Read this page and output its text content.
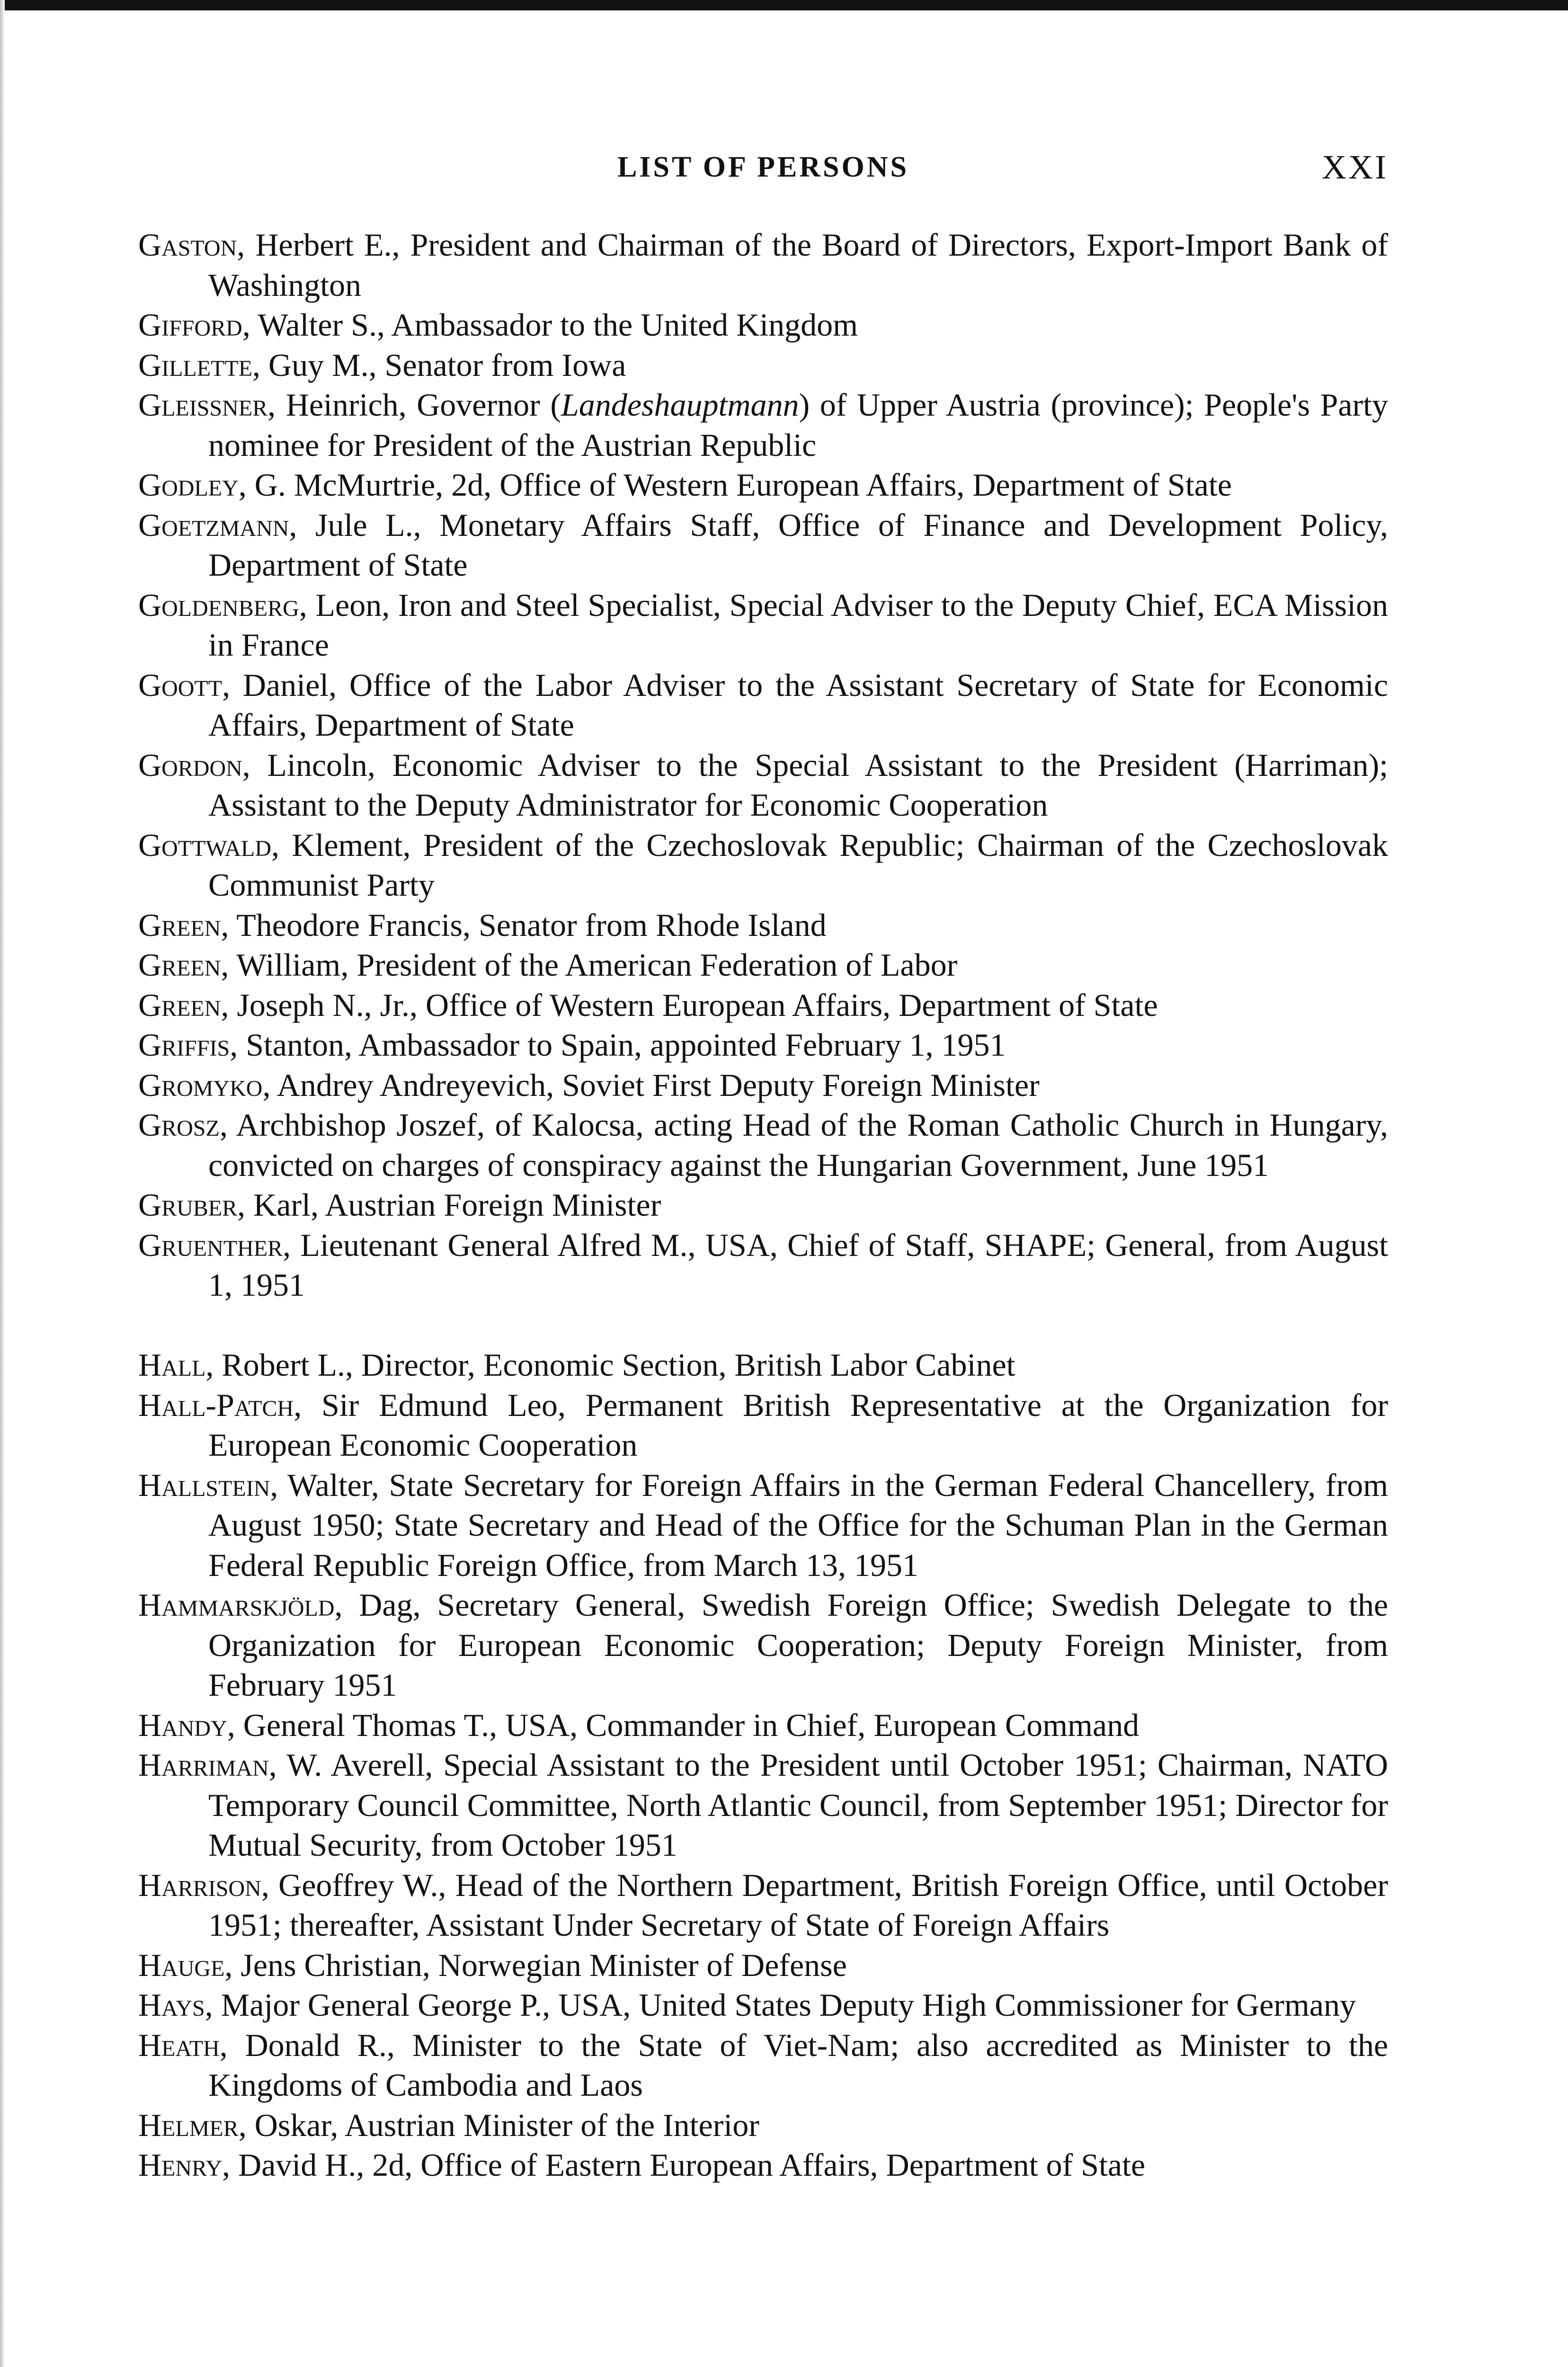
LIST OF PERSONS	XXI

Gaston, Herbert E., President and Chairman of the Board of Directors, Export-Import Bank of Washington

Gifford, Walter S., Ambassador to the United Kingdom

Gillette, Guy M., Senator from Iowa

Gleissner, Heinrich, Governor (Landeshauptmann) of Upper Austria (province); People's Party nominee for President of the Austrian Republic

Godley, G. McMurtrie, 2d, Office of Western European Affairs, Department of State

Goetzmann, Jule L., Monetary Affairs Staff, Office of Finance and Development Policy, Department of State

Goldenberg, Leon, Iron and Steel Specialist, Special Adviser to the Deputy Chief, ECA Mission in France

Goott, Daniel, Office of the Labor Adviser to the Assistant Secretary of State for Economic Affairs, Department of State

Gordon, Lincoln, Economic Adviser to the Special Assistant to the President (Harriman); Assistant to the Deputy Administrator for Economic Cooperation

Gottwald, Klement, President of the Czechoslovak Republic; Chairman of the Czechoslovak Communist Party

Green, Theodore Francis, Senator from Rhode Island

Green, William, President of the American Federation of Labor

Green, Joseph N., Jr., Office of Western European Affairs, Department of State

Griffis, Stanton, Ambassador to Spain, appointed February 1, 1951

Gromyko, Andrey Andreyevich, Soviet First Deputy Foreign Minister

Grosz, Archbishop Joszef, of Kalocsa, acting Head of the Roman Catholic Church in Hungary, convicted on charges of conspiracy against the Hungarian Government, June 1951

Gruber, Karl, Austrian Foreign Minister

Gruenther, Lieutenant General Alfred M., USA, Chief of Staff, SHAPE; General, from August 1, 1951

Hall, Robert L., Director, Economic Section, British Labor Cabinet

Hall-Patch, Sir Edmund Leo, Permanent British Representative at the Organization for European Economic Cooperation

Hallstein, Walter, State Secretary for Foreign Affairs in the German Federal Chancellery, from August 1950; State Secretary and Head of the Office for the Schuman Plan in the German Federal Republic Foreign Office, from March 13, 1951

Hammarskjöld, Dag, Secretary General, Swedish Foreign Office; Swedish Delegate to the Organization for European Economic Cooperation; Deputy Foreign Minister, from February 1951

Handy, General Thomas T., USA, Commander in Chief, European Command

Harriman, W. Averell, Special Assistant to the President until October 1951; Chairman, NATO Temporary Council Committee, North Atlantic Council, from September 1951; Director for Mutual Security, from October 1951

Harrison, Geoffrey W., Head of the Northern Department, British Foreign Office, until October 1951; thereafter, Assistant Under Secretary of State of Foreign Affairs

Hauge, Jens Christian, Norwegian Minister of Defense

Hays, Major General George P., USA, United States Deputy High Commissioner for Germany

Heath, Donald R., Minister to the State of Viet-Nam; also accredited as Minister to the Kingdoms of Cambodia and Laos

Helmer, Oskar, Austrian Minister of the Interior

Henry, David H., 2d, Office of Eastern European Affairs, Department of State
